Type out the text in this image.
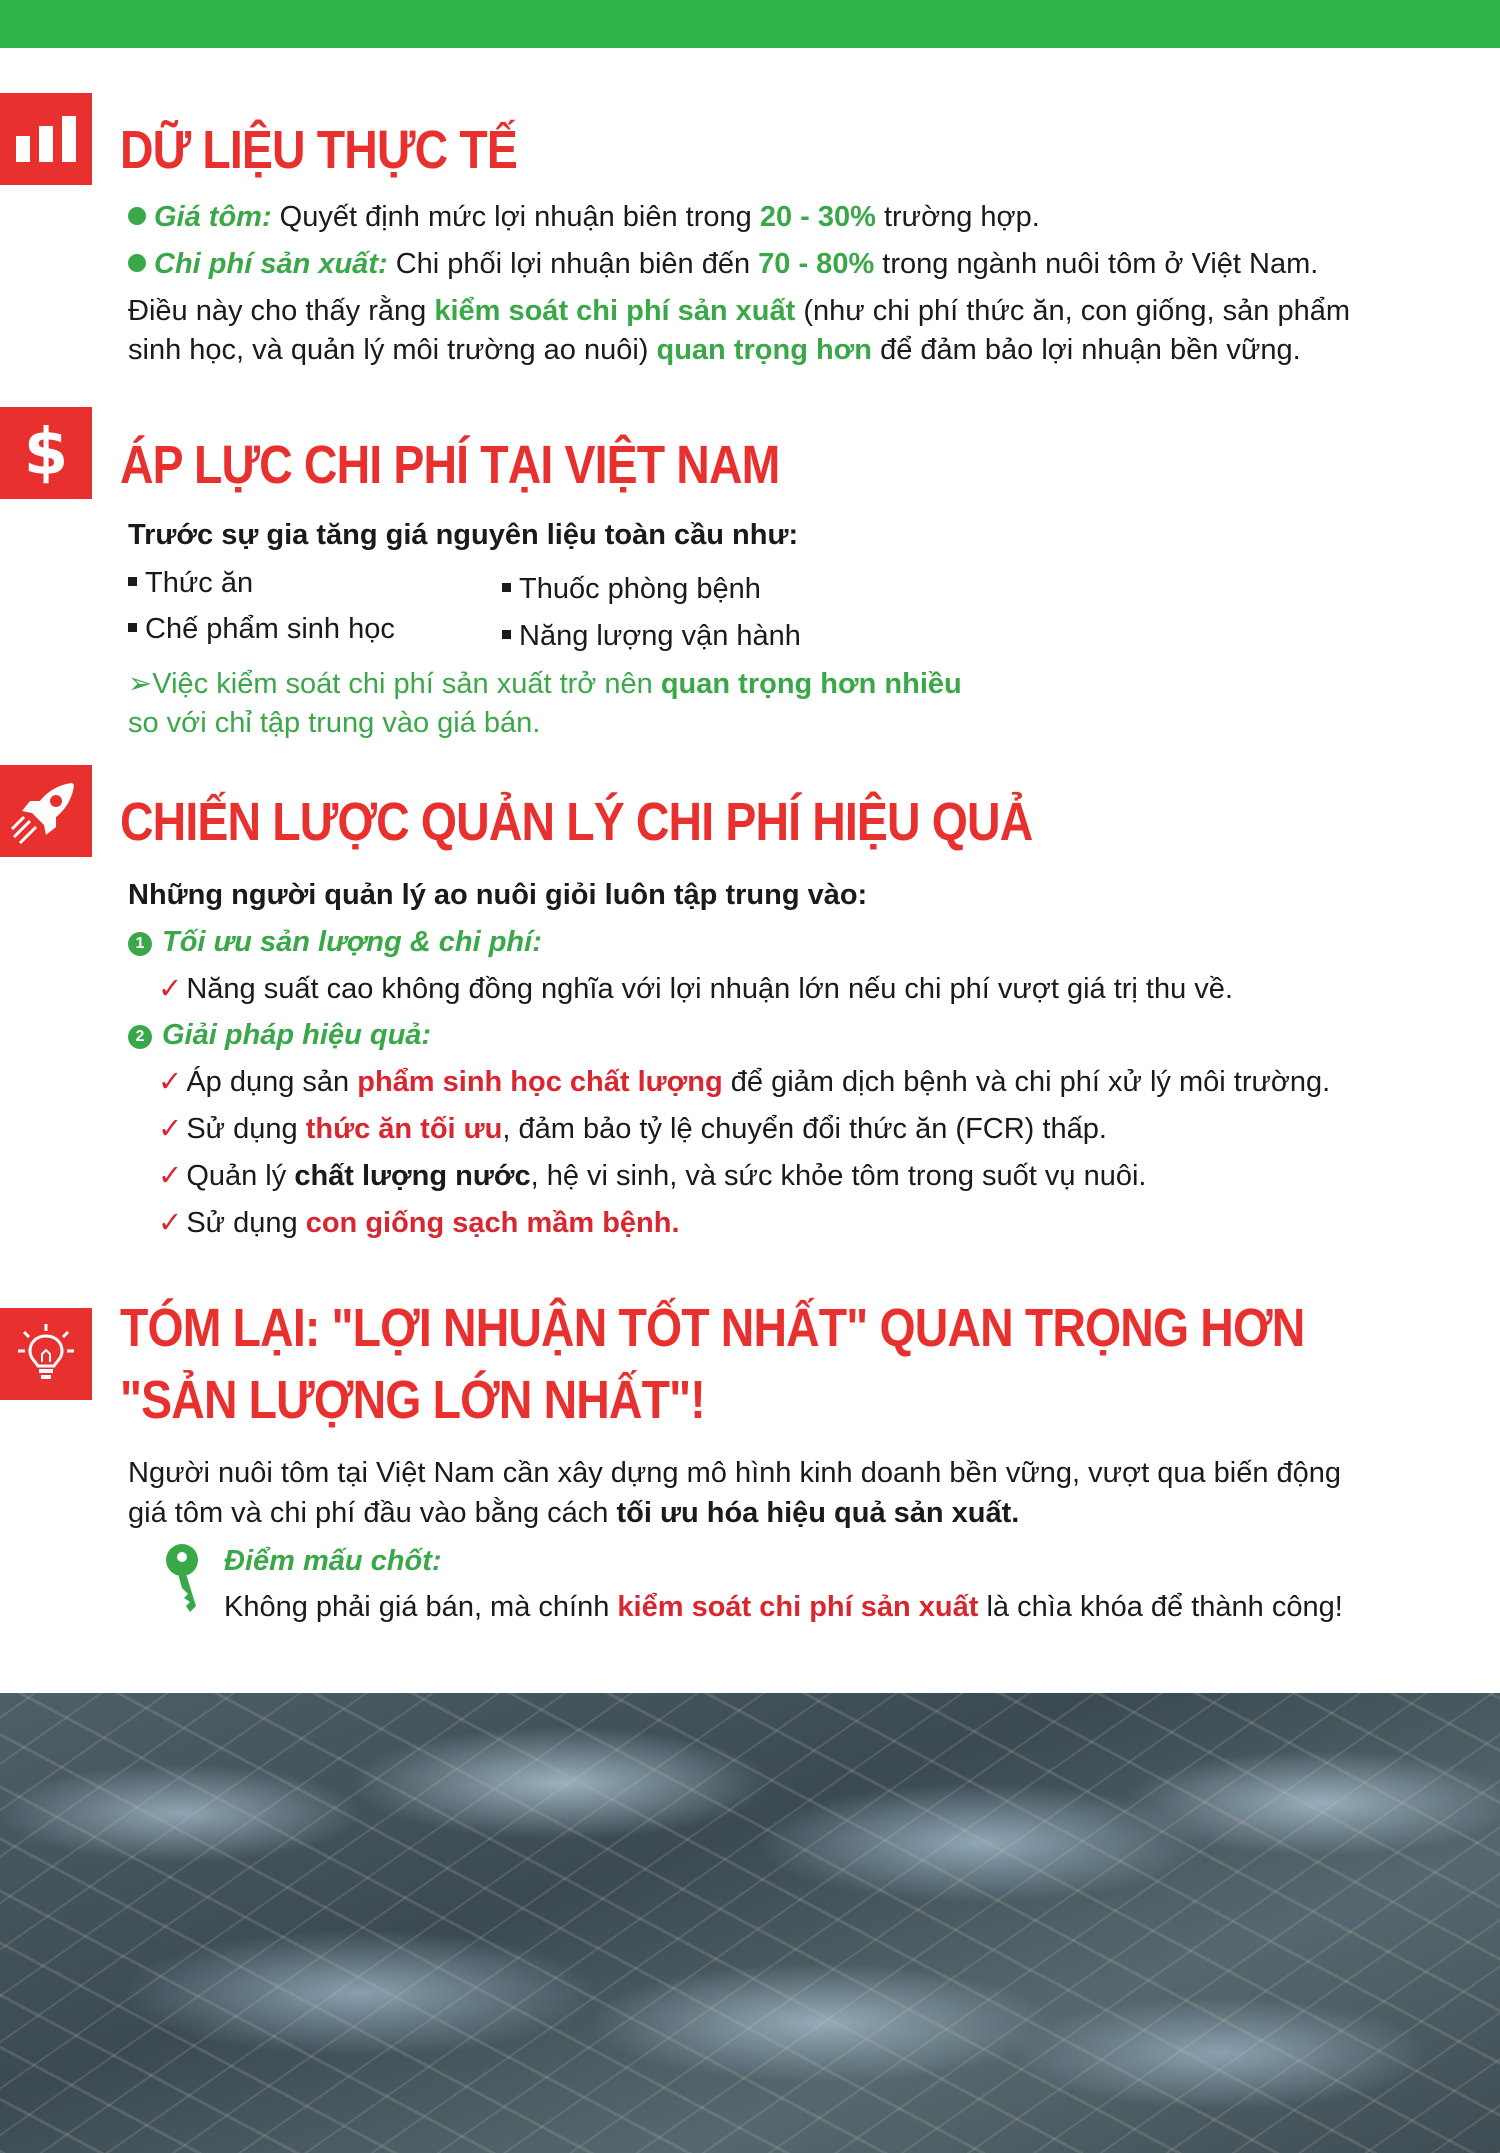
DỮ LIỆU THỰC TẾ

Giá tôm: Quyết định mức lợi nhuận biên trong 20 - 30% trường hợp.

Chi phí sản xuất: Chi phối lợi nhuận biên đến 70 - 80% trong ngành nuôi tôm ở Việt Nam.

Điều này cho thấy rằng kiểm soát chi phí sản xuất (như chi phí thức ăn, con giống, sản phẩm

sinh học, và quản lý môi trường ao nuôi) quan trọng hơn để đảm bảo lợi nhuận bền vững.

$ ÁP LỰC CHI PHÍ TẠI VIỆT NAM

Trước sự gia tăng giá nguyên liệu toàn cầu như:

Thức ăn

Chế phẩm sinh học

Thuốc phòng bệnh

Năng lượng vận hành

➢Việc kiểm soát chi phí sản xuất trở nên quan trọng hơn nhiều

so với chỉ tập trung vào giá bán.

CHIẾN LƯỢC QUẢN LÝ CHI PHÍ HIỆU QUẢ

Những người quản lý ao nuôi giỏi luôn tập trung vào:

1 Tối ưu sản lượng & chi phí:

✓ Năng suất cao không đồng nghĩa với lợi nhuận lớn nếu chi phí vượt giá trị thu về.

2 Giải pháp hiệu quả:

✓ Áp dụng sản phẩm sinh học chất lượng để giảm dịch bệnh và chi phí xử lý môi trường.

✓ Sử dụng thức ăn tối ưu, đảm bảo tỷ lệ chuyển đổi thức ăn (FCR) thấp.

✓ Quản lý chất lượng nước, hệ vi sinh, và sức khỏe tôm trong suốt vụ nuôi.

✓ Sử dụng con giống sạch mầm bệnh.

TÓM LẠI: "LỢI NHUẬN TỐT NHẤT" QUAN TRỌNG HƠN
"SẢN LƯỢNG LỚN NHẤT"!

Người nuôi tôm tại Việt Nam cần xây dựng mô hình kinh doanh bền vững, vượt qua biến động

giá tôm và chi phí đầu vào bằng cách tối ưu hóa hiệu quả sản xuất.

Điểm mấu chốt:

Không phải giá bán, mà chính kiểm soát chi phí sản xuất là chìa khóa để thành công!
